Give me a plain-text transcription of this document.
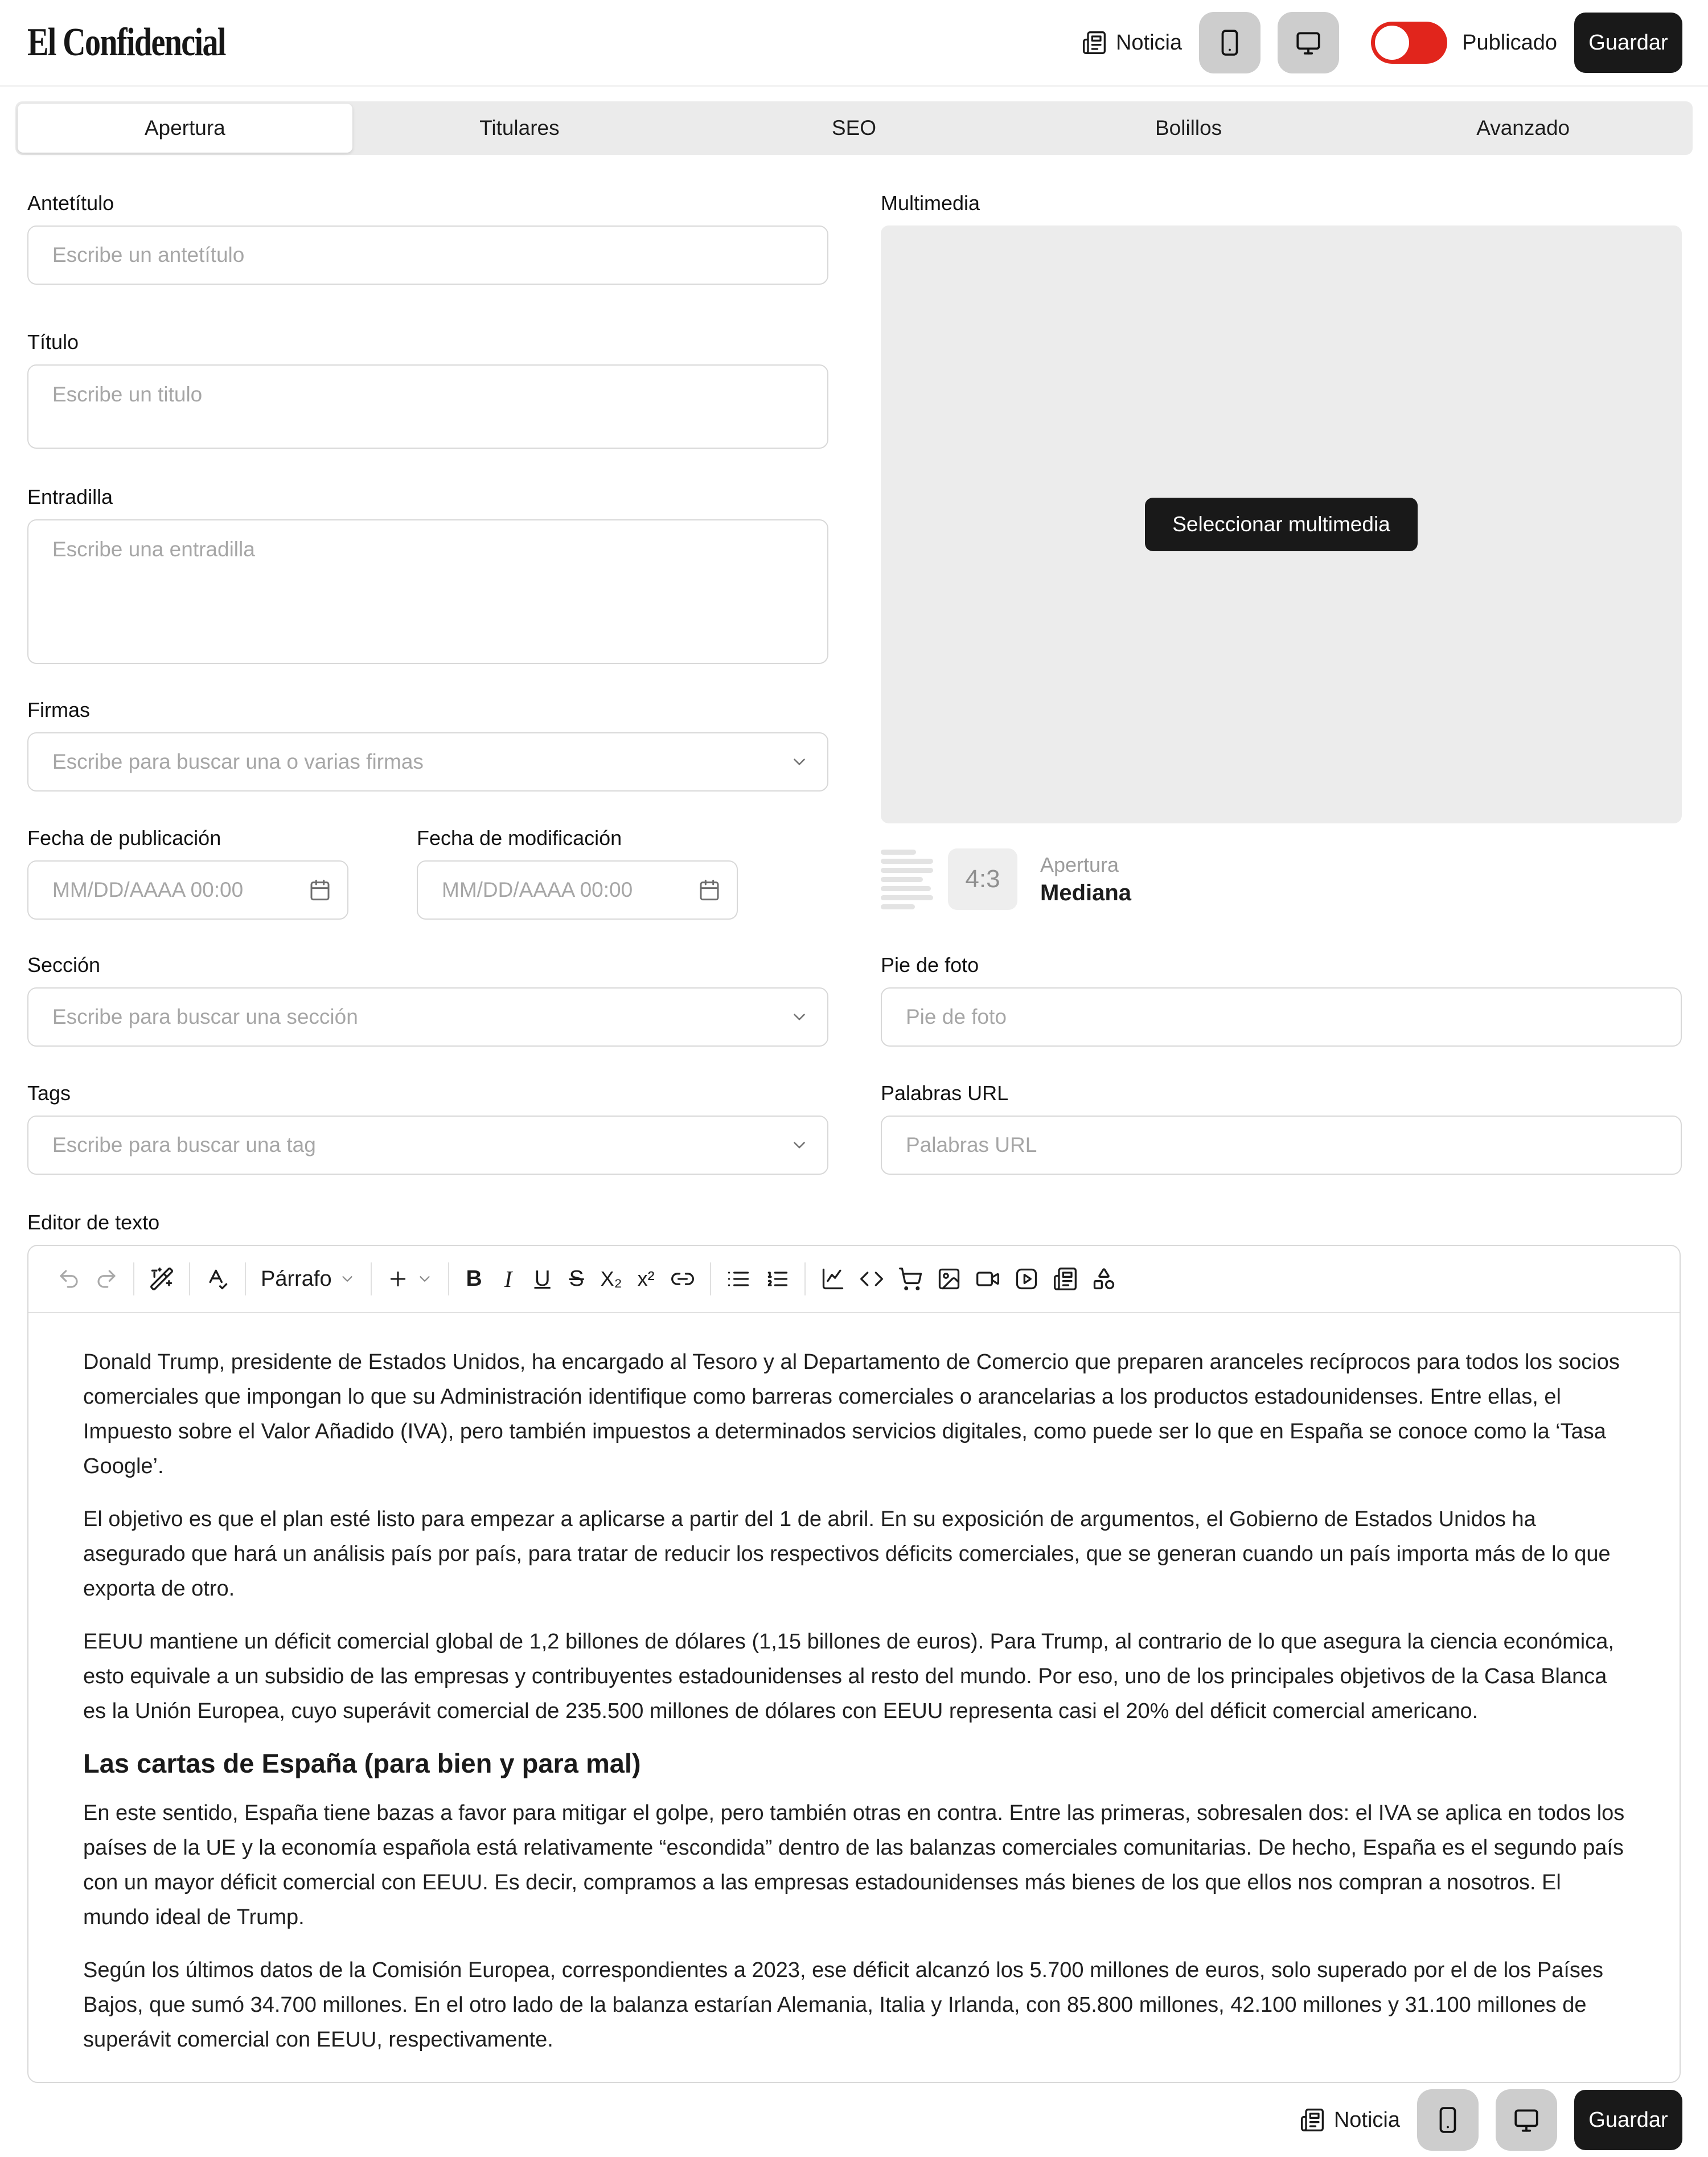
El Confidencial	Noticia	Publicado	Guardar
Apertura	Titulares	SEO	Bolillos	Avanzado
Antetítulo
Escribe un antetítulo
Título
Escribe un titulo
Entradilla
Escribe una entradilla
Firmas
Escribe para buscar una o varias firmas
Fecha de publicación
MM/DD/AAAA 00:00	Fecha de modificación
MM/DD/AAAA 00:00
Sección
Escribe para buscar una sección
Tags
Escribe para buscar una tag
Multimedia
Seleccionar multimedia
4:3
Apertura
Mediana
Pie de foto
Pie de foto
Palabras URL
Palabras URL
Editor de texto
Párrafo	B I	U S X₂ x²

Donald Trump, presidente de Estados Unidos, ha encargado al Tesoro y al Departamento de Comercio que preparen aranceles recíprocos para todos los socios comerciales que impongan lo que su Administración identifique como barreras comerciales o arancelarias a los productos estadounidenses. Entre ellas, el Impuesto sobre el Valor Añadido (IVA), pero también impuestos a determinados servicios digitales, como puede ser lo que en España se conoce como la ‘Tasa Google’.

El objetivo es que el plan esté listo para empezar a aplicarse a partir del 1 de abril. En su exposición de argumentos, el Gobierno de Estados Unidos ha asegurado que hará un análisis país por país, para tratar de reducir los respectivos déficits comerciales, que se generan cuando un país importa más de lo que exporta de otro.

EEUU mantiene un déficit comercial global de 1,2 billones de dólares (1,15 billones de euros). Para Trump, al contrario de lo que asegura la ciencia económica, esto equivale a un subsidio de las empresas y contribuyentes estadounidenses al resto del mundo. Por eso, uno de los principales objetivos de la Casa Blanca es la Unión Europea, cuyo superávit comercial de 235.500 millones de dólares con EEUU representa casi el 20% del déficit comercial americano.

Las cartas de España (para bien y para mal)

En este sentido, España tiene bazas a favor para mitigar el golpe, pero también otras en contra. Entre las primeras, sobresalen dos: el IVA se aplica en todos los países de la UE y la economía española está relativamente “escondida” dentro de las balanzas comerciales comunitarias. De hecho, España es el segundo país con un mayor déficit comercial con EEUU. Es decir, compramos a las empresas estadounidenses más bienes de los que ellos nos compran a nosotros. El mundo ideal de Trump.

Según los últimos datos de la Comisión Europea, correspondientes a 2023, ese déficit alcanzó los 5.700 millones de euros, solo superado por el de los Países Bajos, que sumó 34.700 millones. En el otro lado de la balanza estarían Alemania, Italia y Irlanda, con 85.800 millones, 42.100 millones y 31.100 millones de superávit comercial con EEUU, respectivamente.

Noticia	Guardar
